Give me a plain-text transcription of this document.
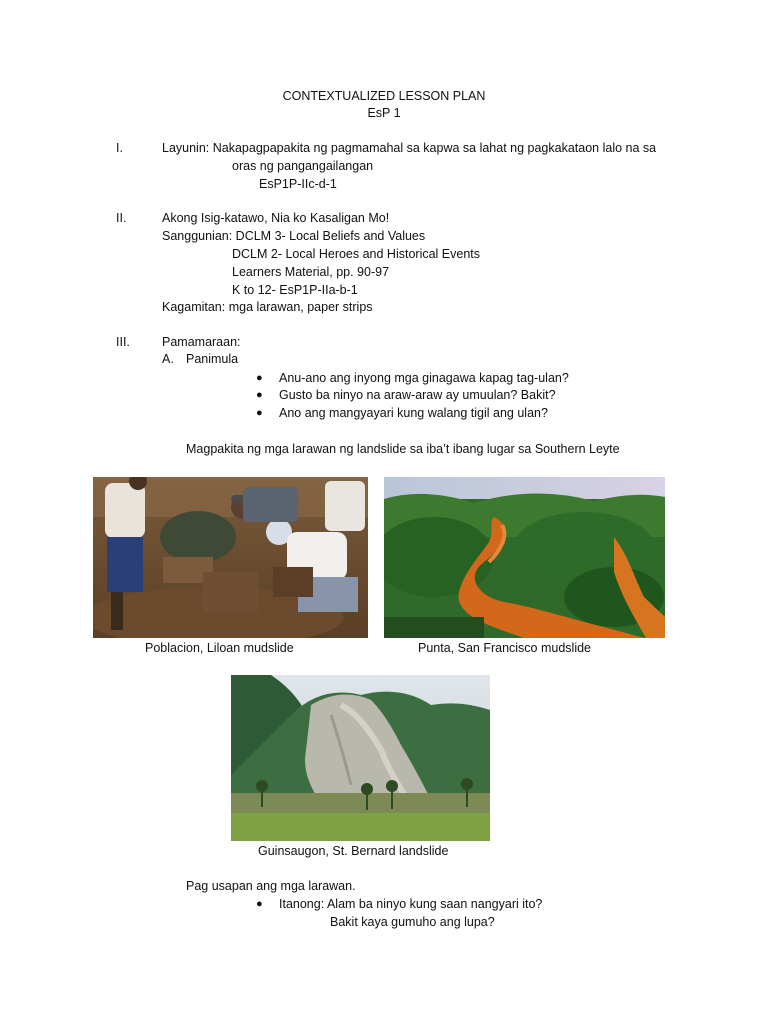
CONTEXTUALIZED LESSON PLAN
EsP 1
I.	Layunin: Nakapagpapakita ng pagmamahal sa kapwa sa lahat ng pagkakataon lalo na sa
oras ng pangangailangan
EsP1P-IIc-d-1
II.	Akong Isig-katawo, Nia ko Kasaligan Mo!
Sanggunian: DCLM 3- Local Beliefs and Values
DCLM 2- Local Heroes and Historical Events
Learners Material, pp. 90-97
K to 12- EsP1P-IIa-b-1
Kagamitan: mga larawan, paper strips
III.	Pamamaraan:
A. Panimula
● Anu-ano ang inyong mga ginagawa kapag tag-ulan?
● Gusto ba ninyo na araw-araw ay umuulan? Bakit?
● Ano ang mangyayari kung walang tigil ang ulan?
Magpakita ng mga larawan ng landslide sa iba’t ibang lugar sa Southern Leyte
Poblacion, Liloan mudslide	Punta, San Francisco mudslide
Guinsaugon, St. Bernard landslide
Pag usapan ang mga larawan.
● Itanong: Alam ba ninyo kung saan nangyari ito?
Bakit kaya gumuho ang lupa?
